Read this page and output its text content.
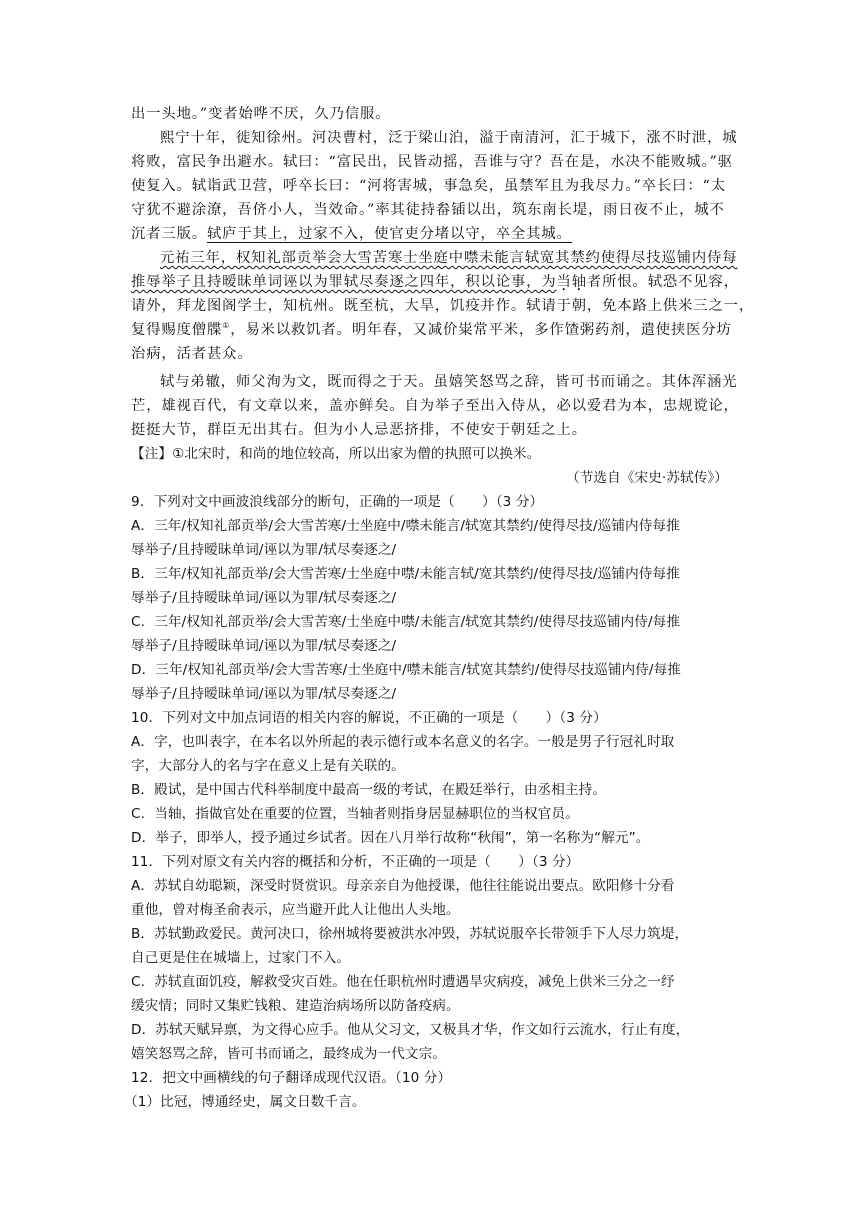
出一头地。”变者始哗不厌，久乃信服。
熙宁十年，徙知徐州。河决曹村，泛于梁山泊，溢于南清河，汇于城下，涨不时泄，城
将败，富民争出避水。轼曰：“富民出，民皆动摇，吾谁与守？吾在是，水决不能败城。”驱
使复入。轼诣武卫营，呼卒长曰：“河将害城，事急矣，虽禁军且为我尽力。”卒长曰：“太
守犹不避涂潦，吾侪小人，当效命。”率其徒持畚锸以出，筑东南长堤，雨日夜不止，城不
沉者三版。轼庐于其上，过家不入，使官吏分堵以守，卒全其城。
元祐三年，权知礼部贡举会大雪苦寒士坐庭中噤未能言轼宽其禁约使得尽技巡铺内侍每
推辱举子且持暧昧单词诬以为罪轼尽奏逐之四年，积以论事，为当轴者所恨。轼恐不见容，
请外，拜龙图阁学士，知杭州。既至杭，大旱，饥疫并作。轼请于朝，免本路上供米三之一，
复得赐度僧牒①，易米以救饥者。明年春，又减价粜常平米，多作馇粥药剂，遣使挟医分坊
治病，活者甚众。
轼与弟辙，师父洵为文，既而得之于天。虽嬉笑怒骂之辞，皆可书而诵之。其体浑涵光
芒，雄视百代，有文章以来，盖亦鲜矣。自为举子至出入侍从，必以爱君为本，忠规谠论，
挺挺大节，群臣无出其右。但为小人忌恶挤排，不使安于朝廷之上。
【注】①北宋时，和尚的地位较高，所以出家为僧的执照可以换米。
（节选自《宋史·苏轼传》）
9．下列对文中画波浪线部分的断句，正确的一项是（　　）（3 分）
A．三年/权知礼部贡举/会大雪苦寒/士坐庭中/噤未能言/轼宽其禁约/使得尽技/巡铺内侍每推
辱举子/且持暧昧单词/诬以为罪/轼尽奏逐之/
B．三年/权知礼部贡举/会大雪苦寒/士坐庭中噤/未能言轼/宽其禁约/使得尽技/巡铺内侍每推
辱举子/且持暧昧单词/诬以为罪/轼尽奏逐之/
C．三年/权知礼部贡举/会大雪苦寒/士坐庭中噤/未能言/轼宽其禁约/使得尽技巡铺内侍/每推
辱举子/且持暧昧单词/诬以为罪/轼尽奏逐之/
D．三年/权知礼部贡举/会大雪苦寒/士坐庭中/噤未能言/轼宽其禁约/使得尽技巡铺内侍/每推
辱举子/且持暧昧单词/诬以为罪/轼尽奏逐之/
10．下列对文中加点词语的相关内容的解说，不正确的一项是（　　）（3 分）
A．字，也叫表字，在本名以外所起的表示德行或本名意义的名字。一般是男子行冠礼时取
字，大部分人的名与字在意义上是有关联的。
B．殿试，是中国古代科举制度中最高一级的考试，在殿廷举行，由丞相主持。
C．当轴，指做官处在重要的位置，当轴者则指身居显赫职位的当权官员。
D．举子，即举人，授予通过乡试者。因在八月举行故称“秋闱”，第一名称为“解元”。
11．下列对原文有关内容的概括和分析，不正确的一项是（　　）（3 分）
A．苏轼自幼聪颖，深受时贤赏识。母亲亲自为他授课，他往往能说出要点。欧阳修十分看
重他，曾对梅圣俞表示，应当避开此人让他出人头地。
B．苏轼勤政爱民。黄河决口，徐州城将要被洪水冲毁，苏轼说服卒长带领手下人尽力筑堤，
自己更是住在城墙上，过家门不入。
C．苏轼直面饥疫，解救受灾百姓。他在任职杭州时遭遇旱灾病疫，减免上供米三分之一纾
缓灾情；同时又集贮钱粮、建造治病场所以防备疫病。
D．苏轼天赋异禀，为文得心应手。他从父习文，又极具才华，作文如行云流水，行止有度，
嬉笑怒骂之辞，皆可书而诵之，最终成为一代文宗。
12．把文中画横线的句子翻译成现代汉语。（10 分）
（1）比冠，博通经史，属文日数千言。
